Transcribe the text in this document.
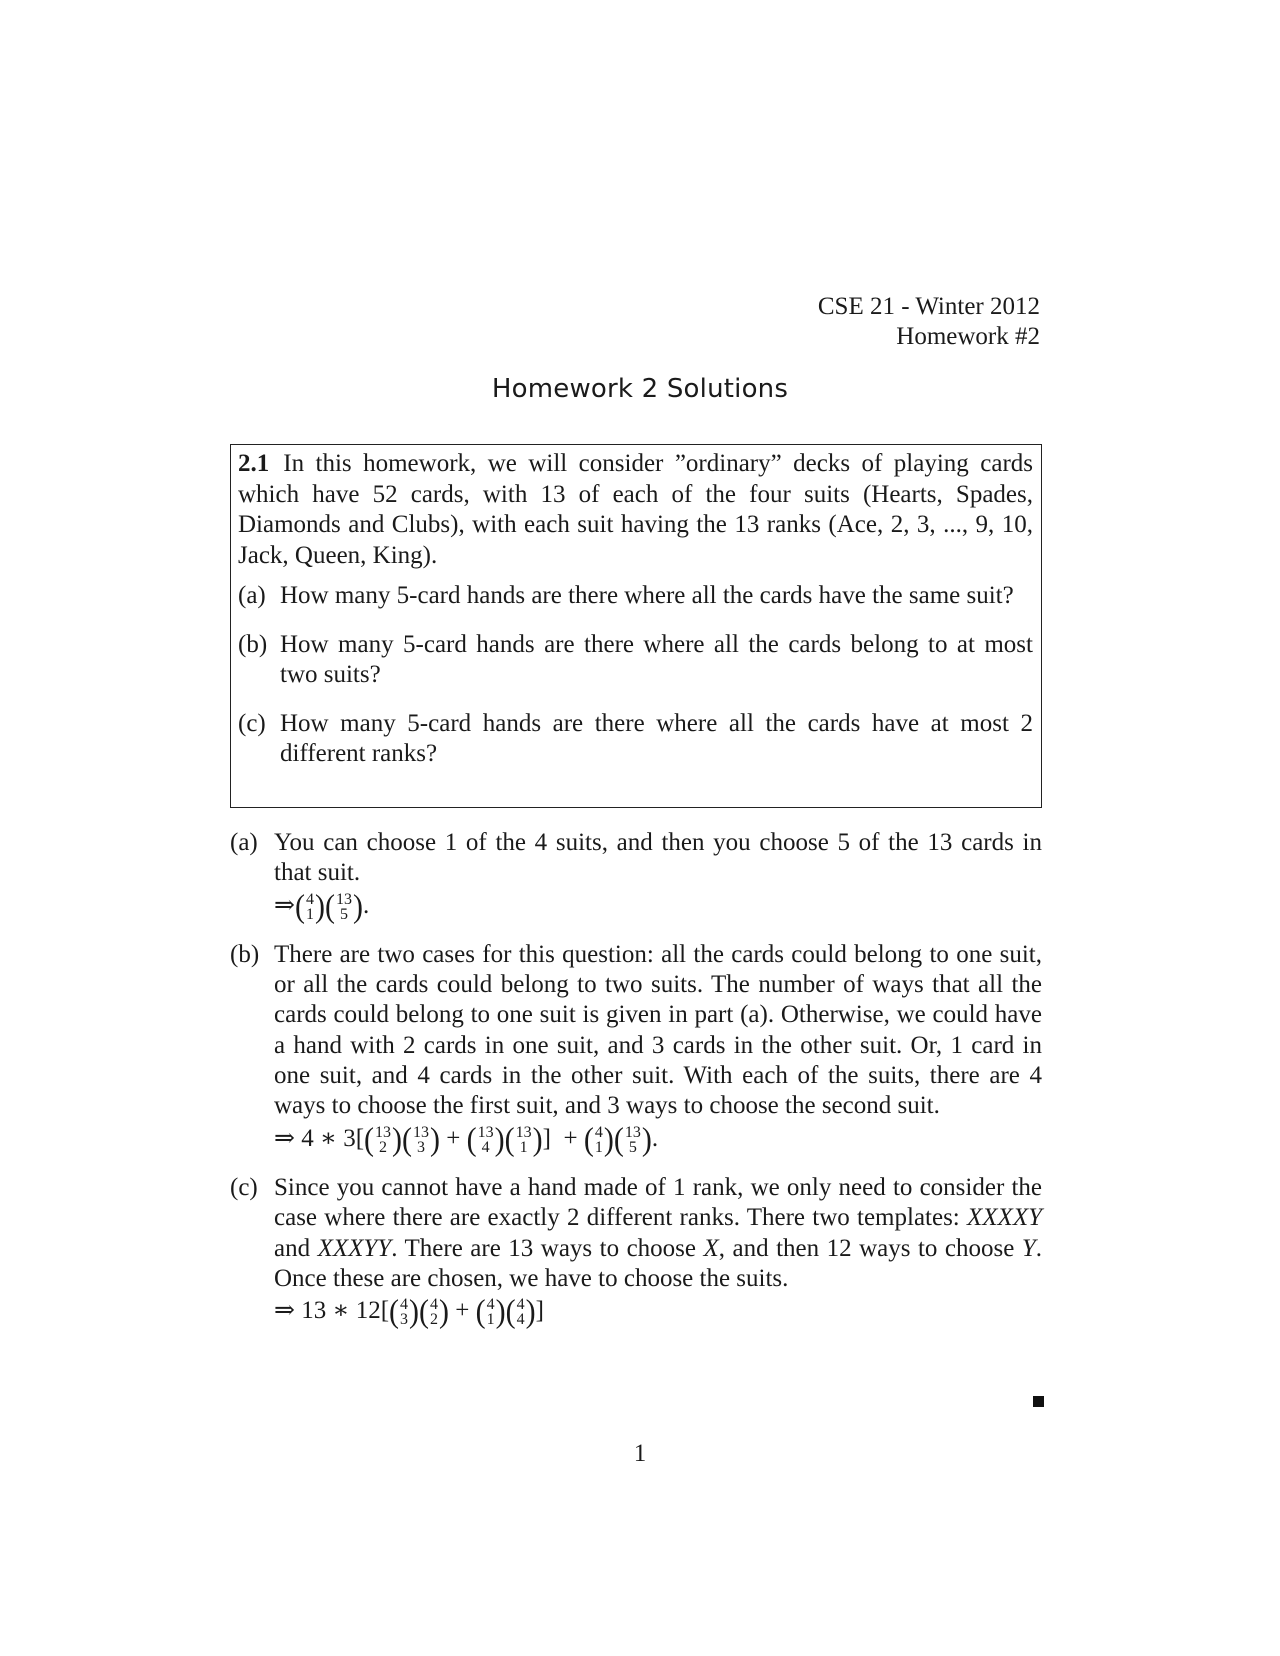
CSE 21 - Winter 2012
Homework #2
Homework 2 Solutions

2.1 In this homework, we will consider ”ordinary” decks of playing cards which have 52 cards, with 13 of each of the four suits (Hearts, Spades, Diamonds and Clubs), with each suit having the 13 ranks (Ace, 2, 3, ..., 9, 10, Jack, Queen, King).

(a) How many 5-card hands are there where all the cards have the same suit?
(b) How many 5-card hands are there where all the cards belong to at most two suits?
(c) How many 5-card hands are there where all the cards have at most 2 different ranks?
(a) You can choose 1 of the 4 suits, and then you choose 5 of the 13 cards in that suit.
⇒ ( 4
1 ) ( 13
5 ) .
(b) There are two cases for this question: all the cards could belong to one suit, or all the cards could belong to two suits. The number of ways that all the cards could belong to one suit is given in part (a). Otherwise, we could have a hand with 2 cards in one suit, and 3 cards in the other suit. Or, 1 card in one suit, and 4 cards in the other suit. With each of the suits, there are 4 ways to choose the first suit, and 3 ways to choose the second suit.
⇒ 4 ∗ 3[ ( 13
2 ) ( 13
3 ) + ( 13
4 ) ( 13
1 ) ] + ( 4
1 ) ( 13
5 ) .
(c) Since you cannot have a hand made of 1 rank, we only need to consider the case where there are exactly 2 different ranks. There two templates: XXXXY and XXXYY. There are 13 ways to choose X, and then 12 ways to choose Y. Once these are chosen, we have to choose the suits.
⇒ 13 ∗ 12[ ( 4
3 ) ( 4
2 ) + ( 4
1 ) ( 4
4 ) ]
1
